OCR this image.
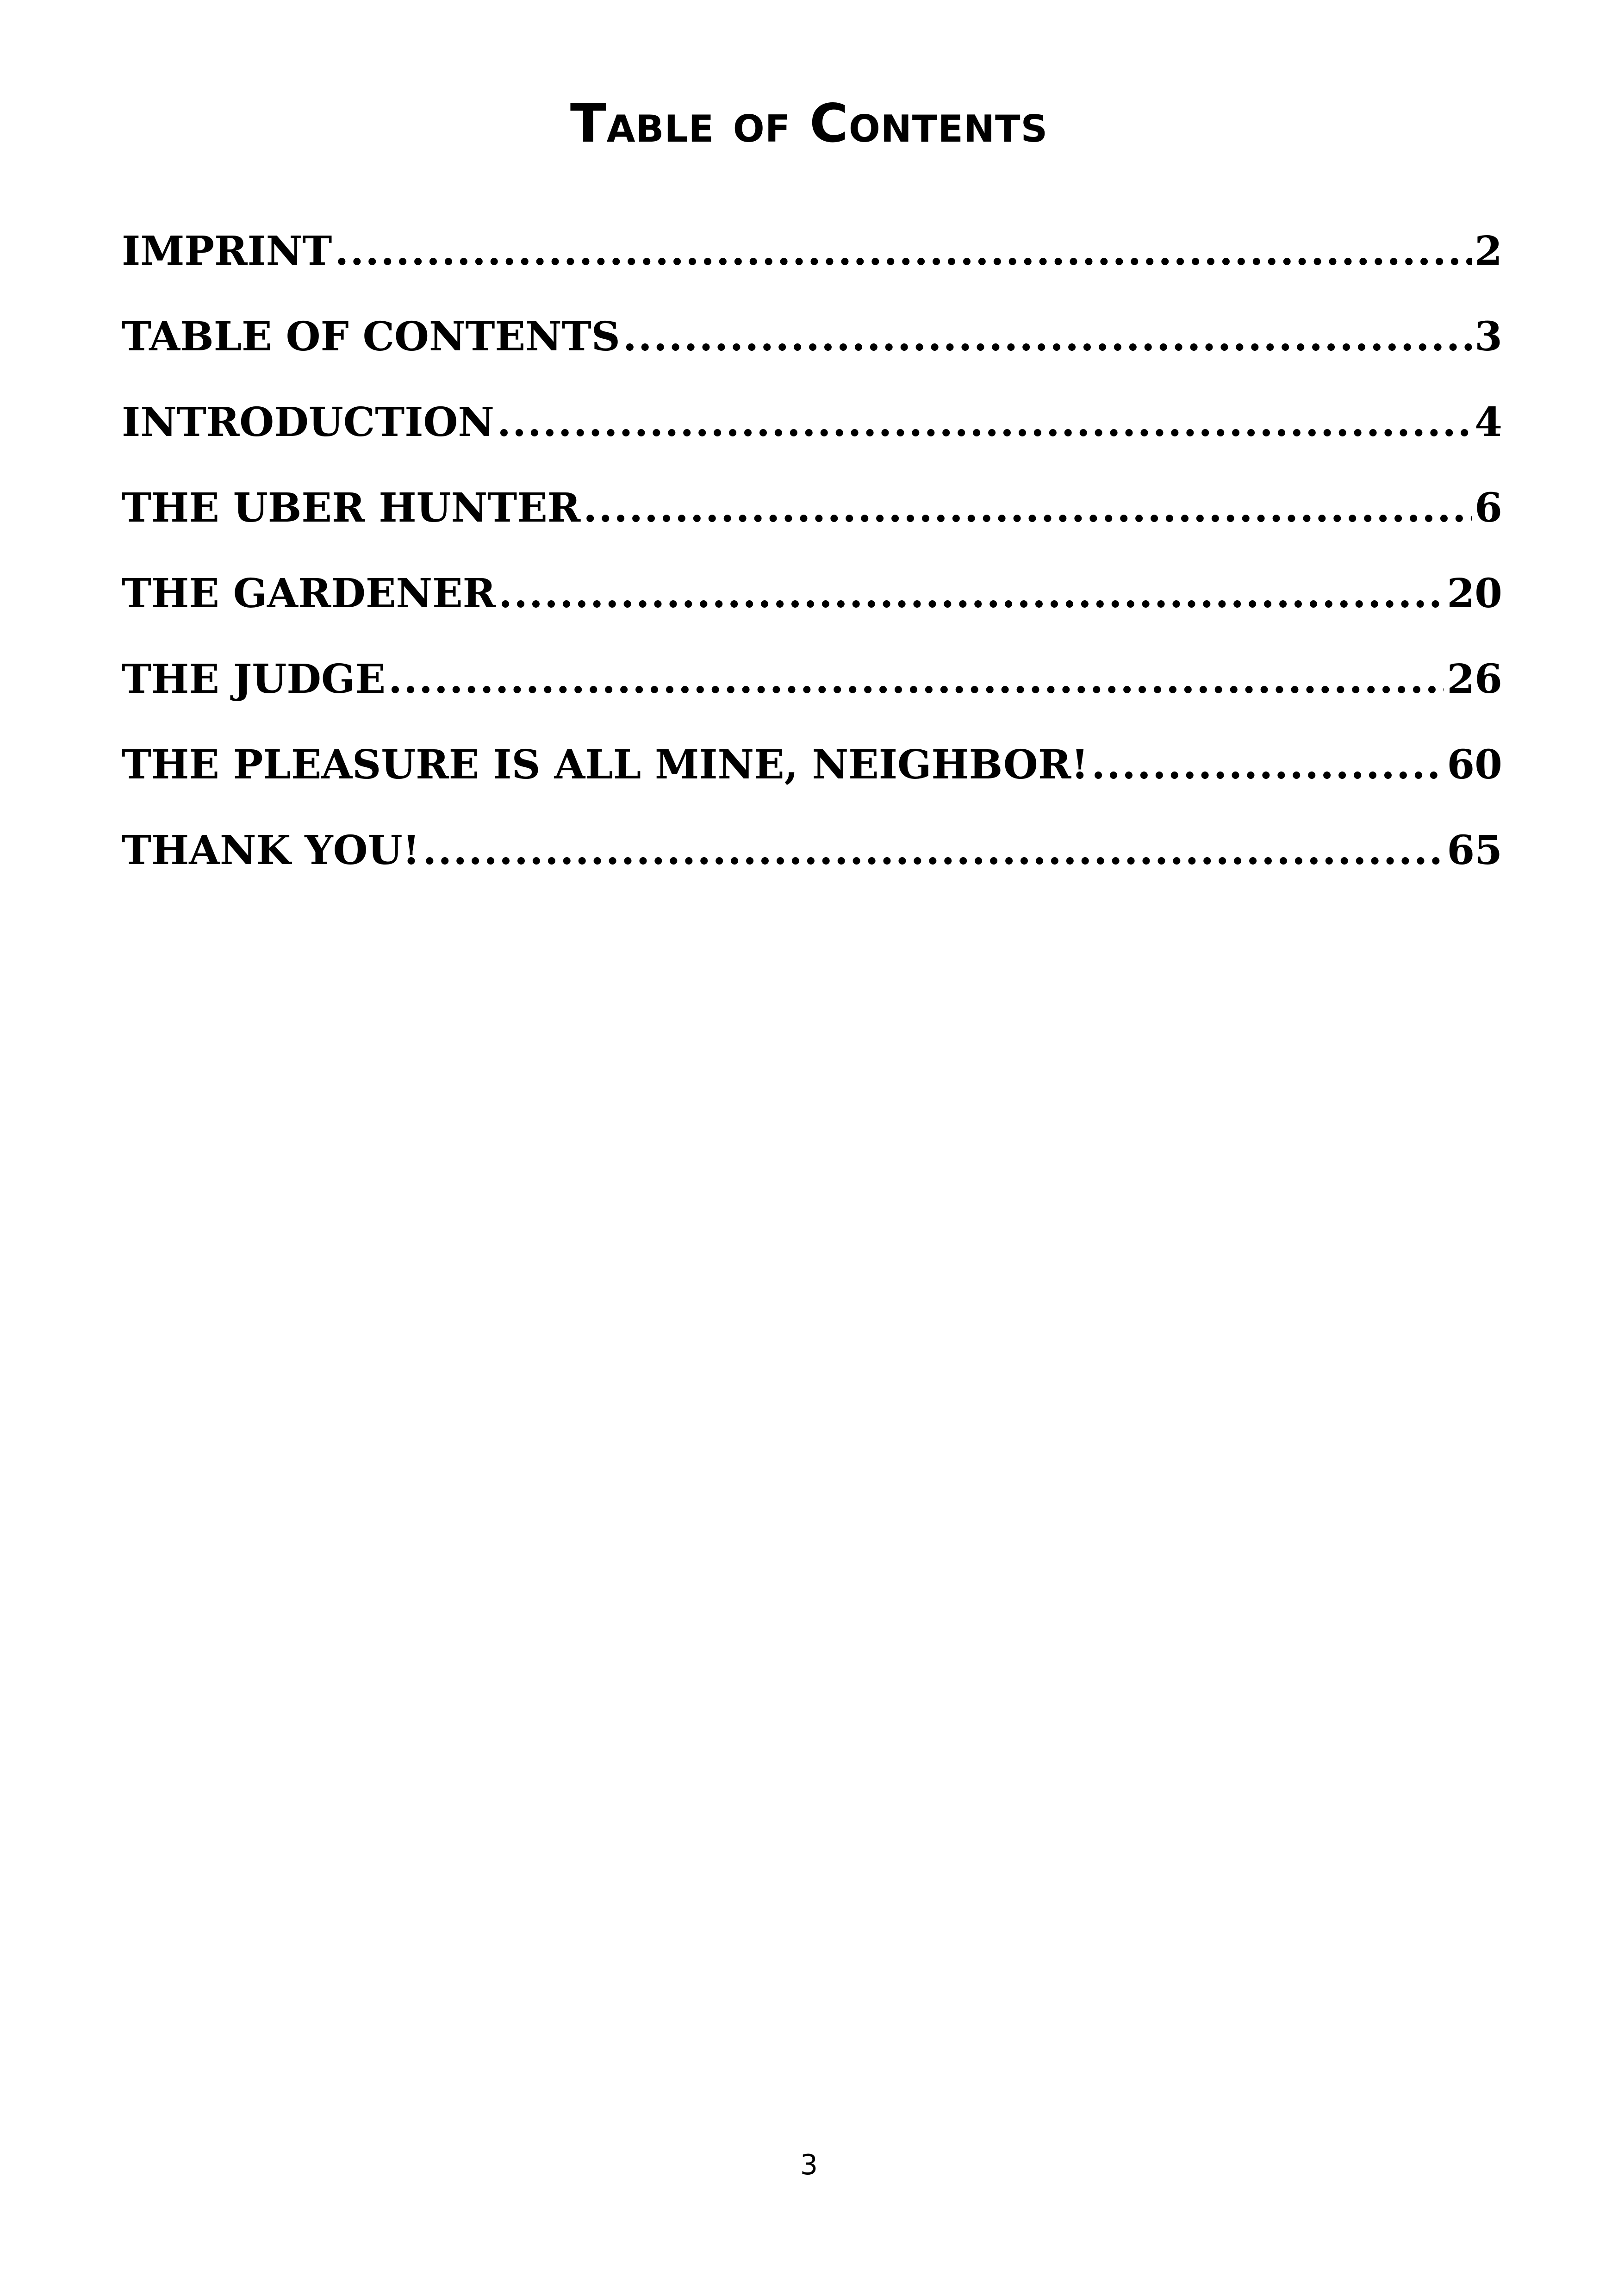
Table of Contents
IMPRINT .....	2
TABLE OF CONTENTS .....	3
INTRODUCTION .....	4
THE UBER HUNTER .....	6
THE GARDENER .....	20
THE JUDGE .....	26
THE PLEASURE IS ALL MINE, NEIGHBOR! .....	60
THANK YOU! .....	65
3
